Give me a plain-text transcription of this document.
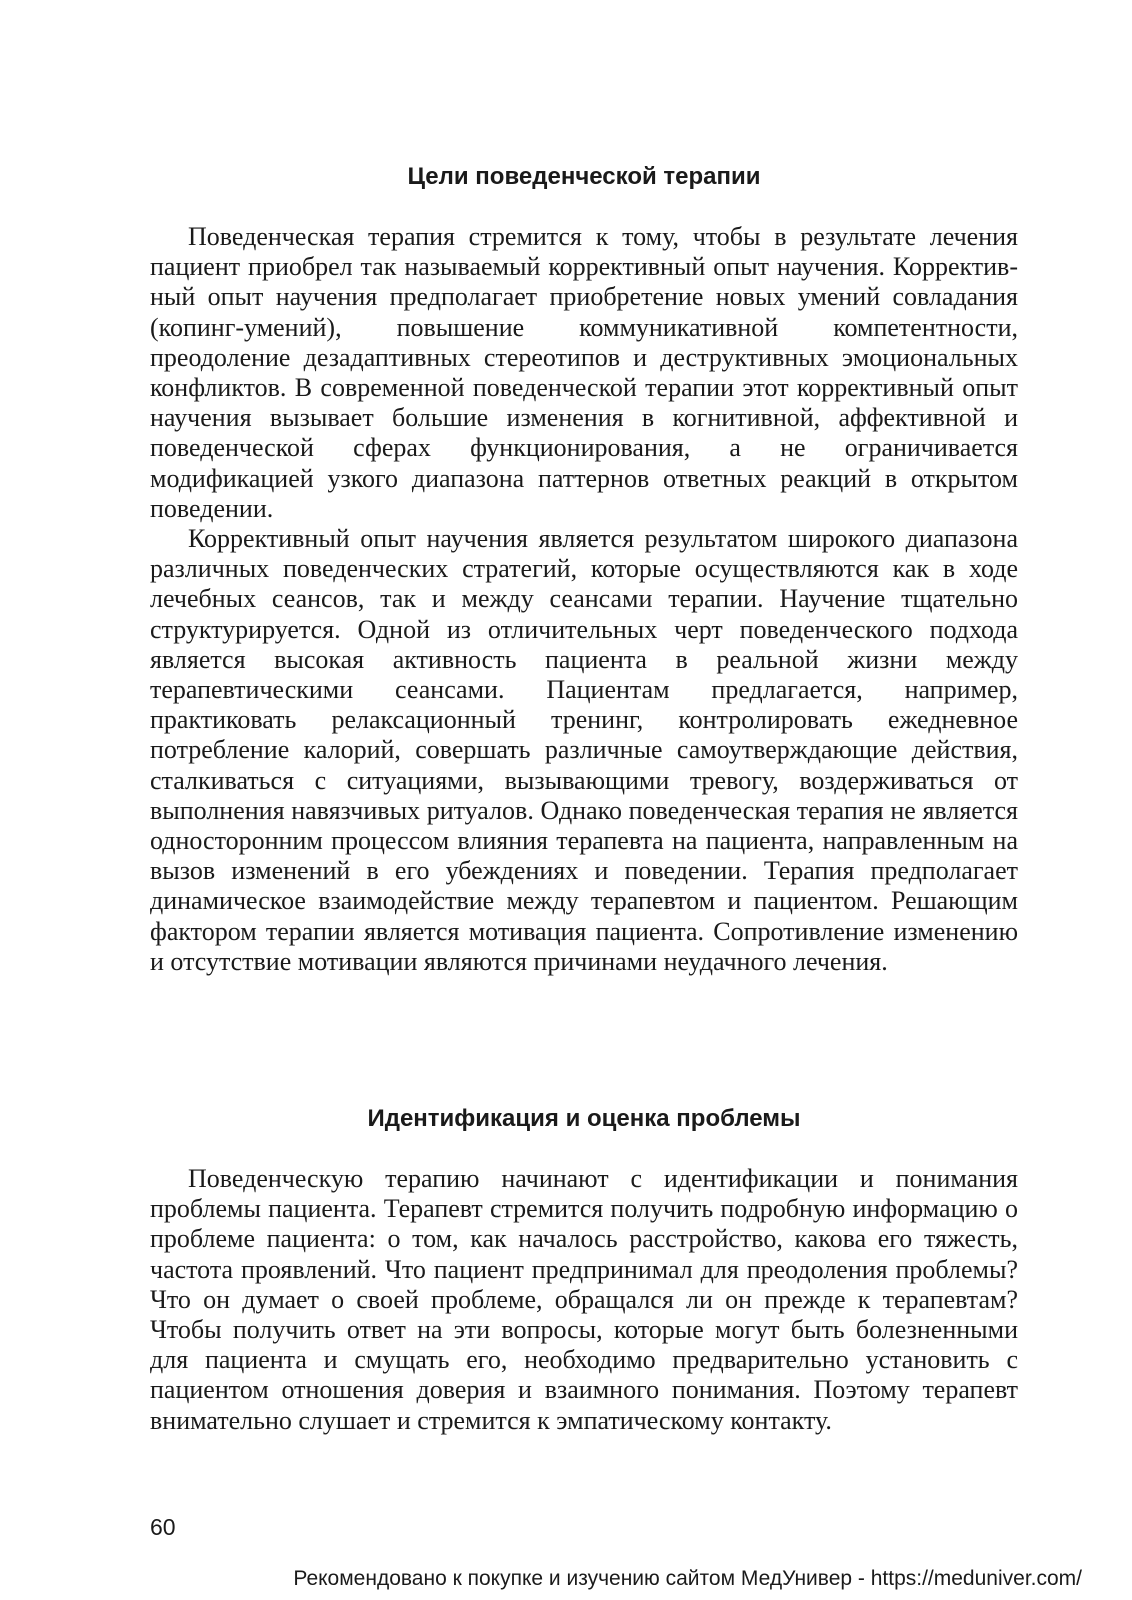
Цели поведенческой терапии

Поведенческая терапия стремится к тому, чтобы в результате лечения пациент приобрел так называемый коррективный опыт научения. Коррективный опыт научения предполагает приобретение новых умений совладания (копинг-умений), повышение коммуникативной компетентности, преодоление дезадаптивных стереотипов и деструктивных эмоциональных конфликтов. В современной поведенческой терапии этот коррективный опыт научения вызывает большие изменения в когнитивной, аффективной и поведенческой сферах функционирования, а не ограничивается модификацией узкого диапазона паттернов ответных реакций в открытом поведении.

Коррективный опыт научения является результатом широкого диапазона различных поведенческих стратегий, которые осуществляются как в ходе лечебных сеансов, так и между сеансами терапии. Научение тщательно структурируется. Одной из отличительных черт поведенческого подхода является высокая активность пациента в реальной жизни между терапевтическими сеансами. Пациентам предлагается, например, практиковать релаксационный тренинг, контролировать ежедневное потребление калорий, совершать различные самоутверждающие действия, сталкиваться с ситуациями, вызывающими тревогу, воздерживаться от выполнения навязчивых ритуалов. Однако поведенческая терапия не является односторонним процессом влияния терапевта на пациента, направленным на вызов изменений в его убеждениях и поведении. Терапия предполагает динамическое взаимодействие между терапевтом и пациентом. Решающим фактором терапии является мотивация пациента. Сопротивление изменению и отсутствие мотивации являются причинами неудачного лечения.

Идентификация и оценка проблемы

Поведенческую терапию начинают с идентификации и понимания проблемы пациента. Терапевт стремится получить подробную информацию о проблеме пациента: о том, как началось расстройство, какова его тяжесть, частота проявлений. Что пациент предпринимал для преодоления проблемы? Что он думает о своей проблеме, обращался ли он прежде к терапевтам? Чтобы получить ответ на эти вопросы, которые могут быть болезненными для пациента и смущать его, необходимо предварительно установить с пациентом отношения доверия и взаимного понимания. Поэтому терапевт внимательно слушает и стремится к эмпатическому контакту.

60
Рекомендовано к покупке и изучению сайтом МедУнивер - https://meduniver.com/
